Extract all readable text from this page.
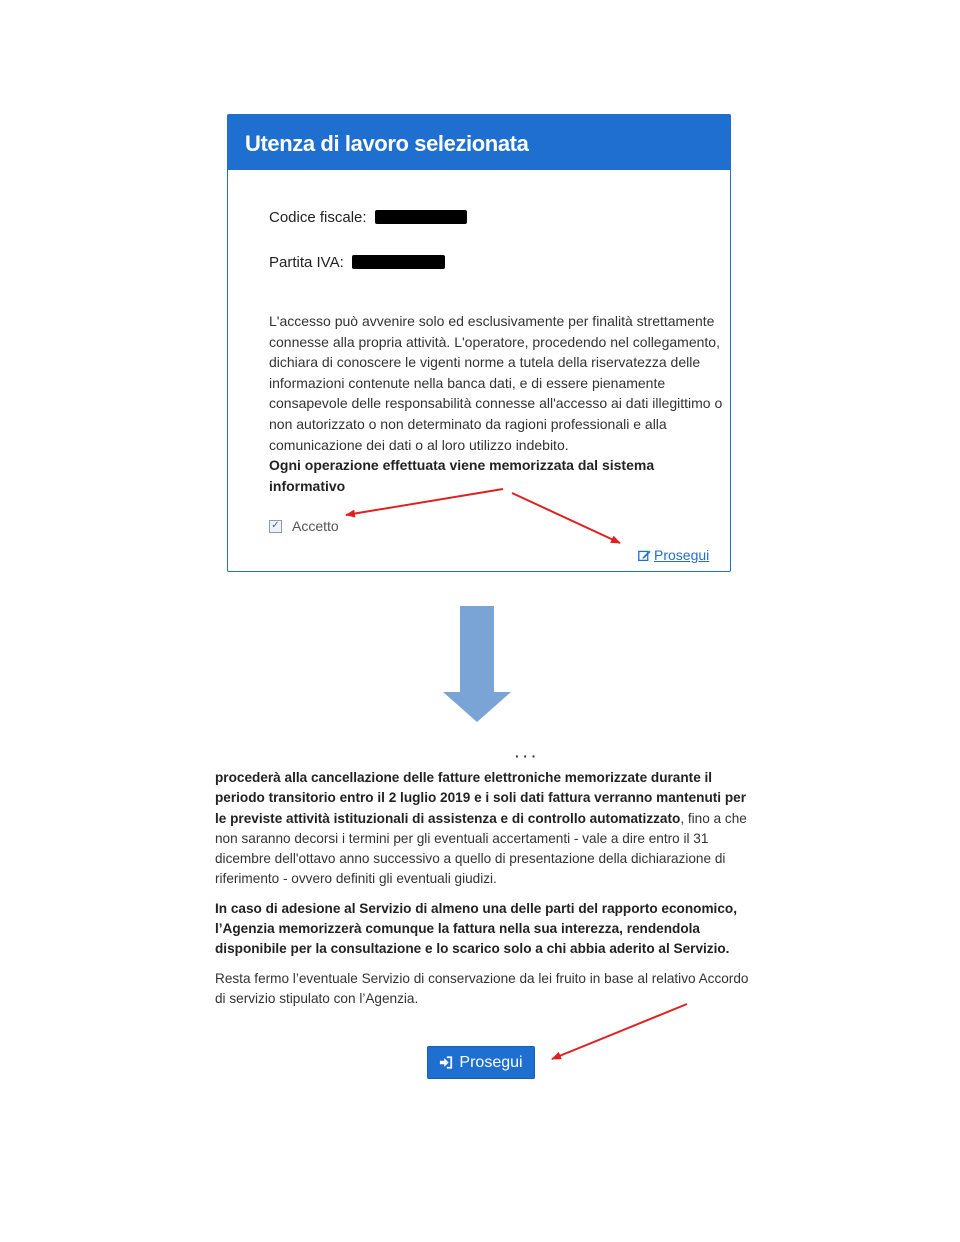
Utenza di lavoro selezionata
Codice fiscale:
Partita IVA:
L'accesso può avvenire solo ed esclusivamente per finalità strettamente connesse alla propria attività. L'operatore, procedendo nel collegamento, dichiara di conoscere le vigenti norme a tutela della riservatezza delle informazioni contenute nella banca dati, e di essere pienamente consapevole delle responsabilità connesse all'accesso ai dati illegittimo o non autorizzato o non determinato da ragioni professionali e alla comunicazione dei dati o al loro utilizzo indebito.
Ogni operazione effettuata viene memorizzata dal sistema informativo
✓ Accetto
Prosegui
· · ·

procederà alla cancellazione delle fatture elettroniche memorizzate durante il periodo transitorio entro il 2 luglio 2019 e i soli dati fattura verranno mantenuti per le previste attività istituzionali di assistenza e di controllo automatizzato, fino a che non saranno decorsi i termini per gli eventuali accertamenti - vale a dire entro il 31 dicembre dell'ottavo anno successivo a quello di presentazione della dichiarazione di riferimento - ovvero definiti gli eventuali giudizi.

In caso di adesione al Servizio di almeno una delle parti del rapporto economico, l’Agenzia memorizzerà comunque la fattura nella sua interezza, rendendola disponibile per la consultazione e lo scarico solo a chi abbia aderito al Servizio.

Resta fermo l’eventuale Servizio di conservazione da lei fruito in base al relativo Accordo di servizio stipulato con l’Agenzia.

Prosegui
